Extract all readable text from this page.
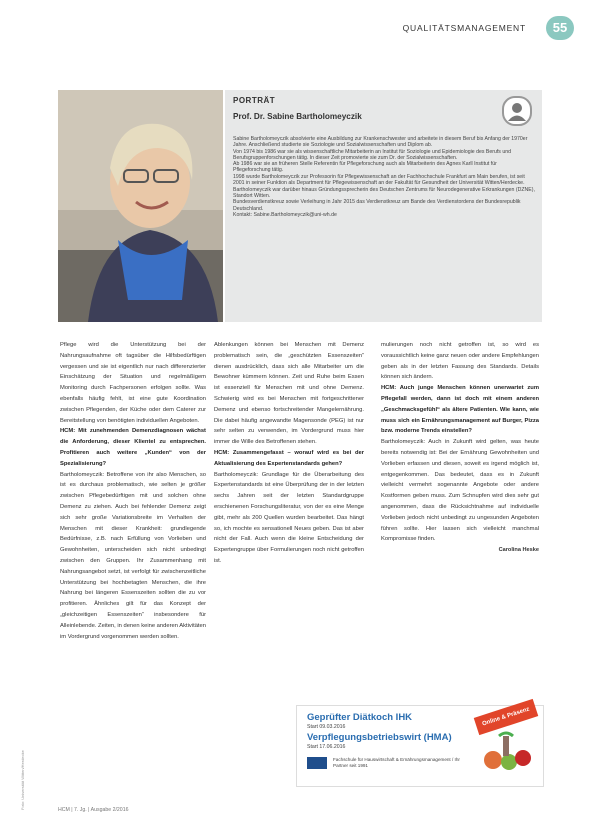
QUALITÄTSMANAGEMENT	55
PORTRÄT
Prof. Dr. Sabine Bartholomeyczik

Sabine Bartholomeyczik absolvierte eine Ausbildung zur Krankenschwester und arbeitete in diesem Beruf bis Anfang der 1970er Jahre. Anschließend studierte sie Soziologie und Sozialwissenschaften und Diplom ab.

Von 1974 bis 1986 war sie als wissenschaftliche Mitarbeiterin an Institut für Soziologie und Epidemiologie des Berufs und Berufsgruppenforschungen tätig. In dieser Zeit promovierte sie zum Dr. der Sozialwissenschaften.

Ab 1986 war sie an früheren Stelle Referentin für Pflegeforschung auch als Mitarbeiterin des Agnes Karll Institut für Pflegeforschung tätig.

1998 wurde Bartholomeyczik zur Professorin für Pflegewissenschaft an der Fachhochschule Frankfurt am Main berufen, ist seit 2001 in seiner Funktion als Department für Pflegewissenschaft an der Fakultät für Gesundheit der Universität Witten/Herdecke.

Bartholomeyczik war darüber hinaus Gründungssprecherin des Deutschen Zentrums für Neurodegenerative Erkrankungen (DZNE), Standort Witten.

Bundesverdienstkreuz sowie Verleihung in Jahr 2015 das Verdienstkreuz am Bande des Verdienstordens der Bundesrepublik Deutschland.

Kontakt: Sabine.Bartholomeyczik@uni-wh.de

Pflege wird die Unterstützung bei der Nahrungsaufnahme oft tagsüber die Hilfsbedürftigen vergessen und sie ist eigentlich nur nach differenzierter Einschätzung der Situation und regelmäßigem Monitoring durch Fachpersonen erfolgen sollte. Was ebenfalls häufig fehlt, ist eine gute Koordination zwischen Pflegenden, der Küche oder dem Caterer zur Bereitstellung von benötigten individuellen Angeboten.

HCM: Mit zunehmenden Demenzdiagnosen wächst die Anforderung, dieser Klientel zu entsprechen. Profitieren auch weitere „Kunden“ von der Spezialisierung?

Bartholomeyczik: Betroffene von ihr also Menschen, so ist es durchaus problematisch, wie selten je größer zwischen Pflegebedürftigen mit und solchen ohne Demenz zu ziehen. Auch bei fehlender Demenz zeigt sich sehr große Variationsbreite im Verhalten der Menschen mit dieser Krankheit: grundlegende Bedürfnisse, z.B. nach Erfüllung von Vorlieben und Gewohnheiten, unterscheiden sich nicht unbedingt zwischen den Gruppen. Ihr Zusammenhang mit Nahrungsangebot setzt, ist verfolgt für zwischenzeitliche Unterstützung bei hochbetagten Menschen, die ihre Nahrung bei längeren Essenszeiten sollten die zu vor profitieren. Ähnliches gilt für das Konzept der „gleichzeitigen Essenszeiten“ insbesondere für Alleinlebende. Zeiten, in denen keine anderen Aktivitäten im Vordergrund vorgenommen werden sollten.

Ablenkungen können bei Menschen mit Demenz problematisch sein, die „geschützten Essenszeiten“ dienen ausdrücklich, dass sich alle Mitarbeiter um die Bewohner kümmern können. Zeit und Ruhe beim Essen ist essenziell für Menschen mit und ohne Demenz. Schwierig wird es bei Menschen mit fortgeschrittener Demenz und ebenso fortschreitender Mangelernährung. Die dabei häufig angewandte Magensonde (PEG) ist nur sehr selten zu verwenden, im Vordergrund muss hier immer die Wille des Betroffenen stehen.

HCM: Zusammengefasst – worauf wird es bei der Aktualisierung des Expertenstandards gehen?

Bartholomeyczik: Grundlage für die Überarbeitung des Expertenstandards ist eine Überprüfung der in der letzten sechs Jahren seit der letzten Standardgruppe erschienenen Forschungsliteratur, von der es eine Menge gibt, mehr als 200 Quellen wurden bearbeitet. Das hängt so, ich mochte es sensationell Neues geben. Das ist aber nicht der Fall. Auch wenn die kleine Entscheidung der Expertengruppe über Formulierungen noch nicht getroffen ist.

mulierungen noch nicht getroffen ist, so wird es voraussichtlich keine ganz neuen oder andere Empfehlungen geben als in der letzten Fassung des Standards. Details können sich ändern.

HCM: Auch junge Menschen können unerwartet zum Pflegefall werden, dann ist doch mit einem anderen „Geschmacksgefühl“ als ältere Patienten. Wie kann, wie muss sich ein Ernährungsmanagement auf Burger, Pizza bzw. moderne Trends einstellen?

Bartholomeyczik: Auch in Zukunft wird gelten, was heute bereits notwendig ist: Bei der Ernährung Gewohnheiten und Vorlieben erfassen und diesen, soweit es irgend möglich ist, entgegenkommen. Das bedeutet, dass es in Zukunft vielleicht vermehrt sogenannte Angebote oder andere Kostformen geben muss. Zum Schnupfen wird dies sehr gut angenommen, dass die Rücksichtnahme auf individuelle Vorlieben jedoch nicht unbedingt zu ungesunden Angeboten führen sollte. Hier lassen sich vielleicht manchmal Kompromisse finden.

Carolina Heske
Geprüfter Diätkoch IHK
Start 09.03.2016
Verpflegungsbetriebswirt (HMA)
Start 17.06.2016
Fachschule für Hauswirtschaft & Ernährungsmanagement / Ihr Partner seit 1991
Online & Präsenz
Foto: Universität Witten/Herdecke	HCM | 7. Jg. | Ausgabe 2/2016
